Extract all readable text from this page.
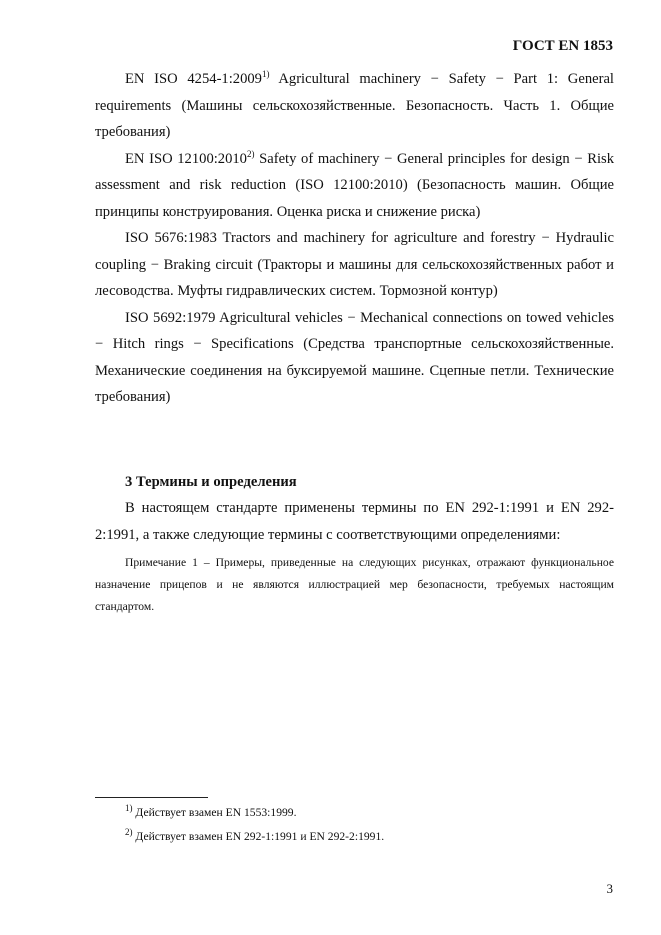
ГОСТ EN 1853

EN ISO 4254-1:2009$^{1)}$ Agricultural machinery − Safety − Part 1: General requirements (Машины сельскохозяйственные. Безопасность. Часть 1. Общие требования)

EN ISO 12100:2010$^{2)}$ Safety of machinery − General principles for design − Risk assessment and risk reduction (ISO 12100:2010) (Безопасность машин. Общие принципы конструирования. Оценка риска и снижение риска)

ISO 5676:1983 Tractors and machinery for agriculture and forestry − Hydraulic coupling − Braking circuit (Тракторы и машины для сельскохозяйственных работ и лесоводства. Муфты гидравлических систем. Тормозной контур)

ISO 5692:1979 Agricultural vehicles − Mechanical connections on towed vehicles − Hitch rings − Specifications (Средства транспортные сельскохозяйственные. Механические соединения на буксируемой машине. Сцепные петли. Технические требования)

3 Термины и определения

В настоящем стандарте применены термины по EN 292-1:1991 и EN 292-2:1991, а также следующие термины с соответствующими определениями:

Примечание 1 – Примеры, приведенные на следующих рисунках, отражают функциональное назначение прицепов и не являются иллюстрацией мер безопасности, требуемых настоящим стандартом.

$^{1)}$ Действует взамен EN 1553:1999.
$^{2)}$ Действует взамен EN 292-1:1991 и EN 292-2:1991.
3
